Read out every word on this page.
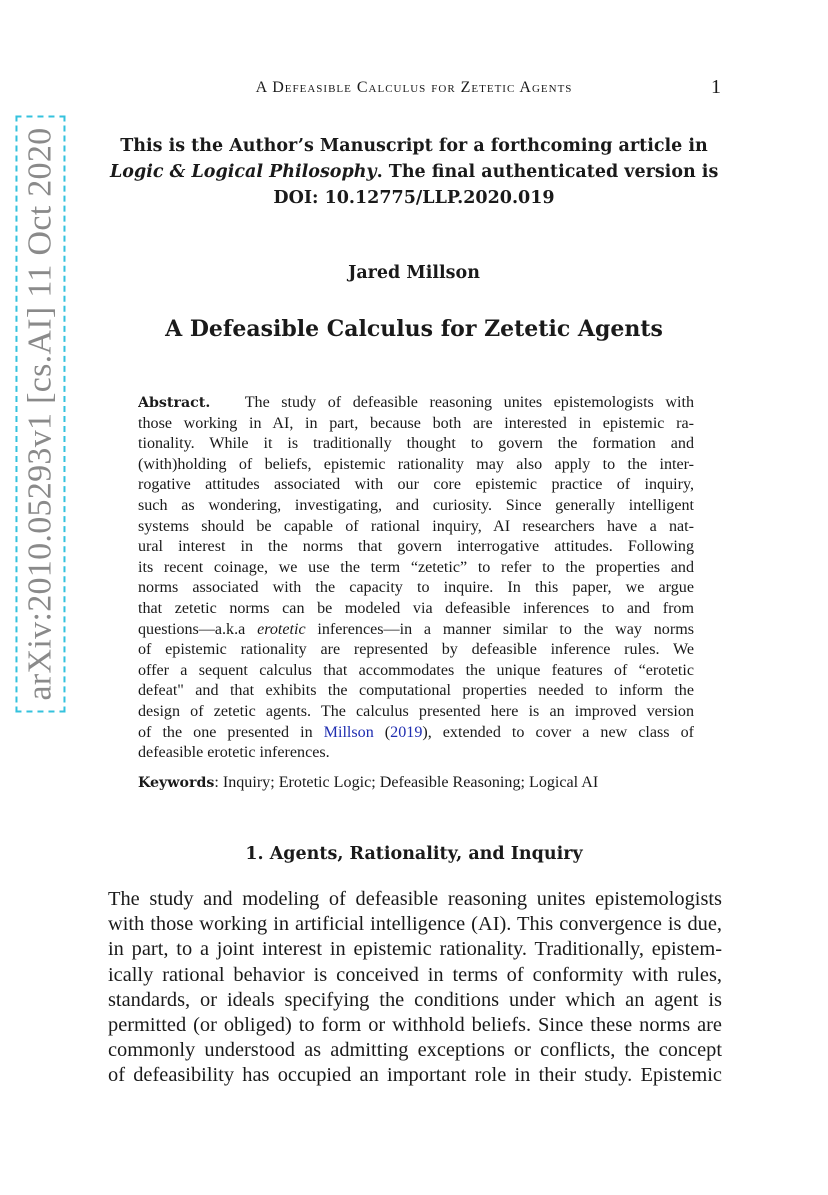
arXiv:2010.05293v1 [cs.AI] 11 Oct 2020
A Defeasible Calculus for Zetetic Agents	1
This is the Author’s Manuscript for a forthcoming article in
Logic & Logical Philosophy. The final authenticated version is
DOI: 10.12775/LLP.2020.019
Jared Millson
A Defeasible Calculus for Zetetic Agents
Abstract. The study of defeasible reasoning unites epistemologists with
those working in AI, in part, because both are interested in epistemic ra-
tionality. While it is traditionally thought to govern the formation and
(with)holding of beliefs, epistemic rationality may also apply to the inter-
rogative attitudes associated with our core epistemic practice of inquiry,
such as wondering, investigating, and curiosity. Since generally intelligent
systems should be capable of rational inquiry, AI researchers have a nat-
ural interest in the norms that govern interrogative attitudes. Following
its recent coinage, we use the term “zetetic” to refer to the properties and
norms associated with the capacity to inquire. In this paper, we argue
that zetetic norms can be modeled via defeasible inferences to and from
questions—a.k.a erotetic inferences—in a manner similar to the way norms
of epistemic rationality are represented by defeasible inference rules. We
offer a sequent calculus that accommodates the unique features of “erotetic
defeat" and that exhibits the computational properties needed to inform the
design of zetetic agents. The calculus presented here is an improved version
of the one presented in Millson (2019), extended to cover a new class of
defeasible erotetic inferences.
Keywords: Inquiry; Erotetic Logic; Defeasible Reasoning; Logical AI
1. Agents, Rationality, and Inquiry
The study and modeling of defeasible reasoning unites epistemologists
with those working in artificial intelligence (AI). This convergence is due,
in part, to a joint interest in epistemic rationality. Traditionally, epistem-
ically rational behavior is conceived in terms of conformity with rules,
standards, or ideals specifying the conditions under which an agent is
permitted (or obliged) to form or withhold beliefs. Since these norms are
commonly understood as admitting exceptions or conflicts, the concept
of defeasibility has occupied an important role in their study. Epistemic
